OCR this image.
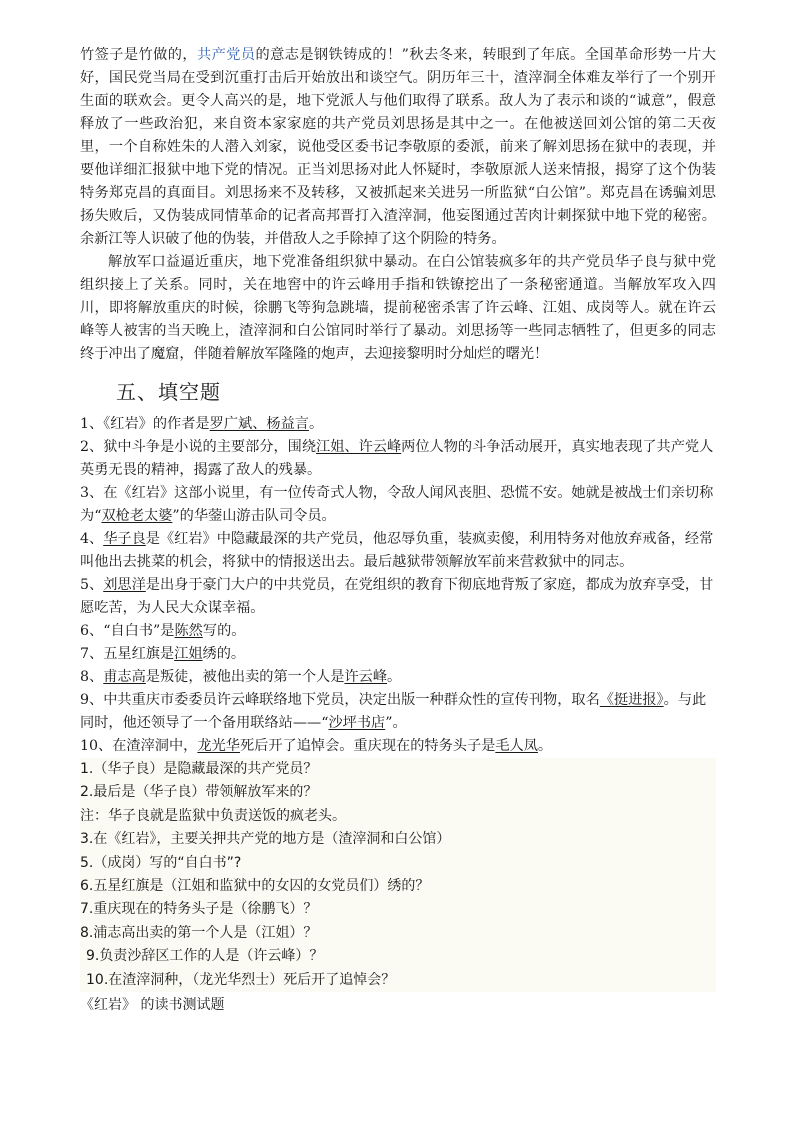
竹签子是竹做的，共产党员的意志是钢铁铸成的！”秋去冬来，转眼到了年底。全国革命形势一片大好，国民党当局在受到沉重打击后开始放出和谈空气。阴历年三十，渣滓洞全体难友举行了一个别开生面的联欢会。更令人高兴的是，地下党派人与他们取得了联系。敌人为了表示和谈的“诚意”，假意释放了一些政治犯，来自资本家家庭的共产党员刘思扬是其中之一。在他被送回刘公馆的第二天夜里，一个自称姓朱的人潜入刘家，说他受区委书记李敬原的委派，前来了解刘思扬在狱中的表现，并要他详细汇报狱中地下党的情况。正当刘思扬对此人怀疑时，李敬原派人送来情报，揭穿了这个伪装特务郑克昌的真面目。刘思扬来不及转移，又被抓起来关进另一所监狱“白公馆”。郑克昌在诱骗刘思扬失败后，又伪装成同情革命的记者高邦晋打入渣滓洞，他妄图通过苦肉计刺探狱中地下党的秘密。余新江等人识破了他的伪装，并借敌人之手除掉了这个阴险的特务。

解放军口益逼近重庆，地下党准备组织狱中暴动。在白公馆装疯多年的共产党员华子良与狱中党组织接上了关系。同时，关在地窖中的许云峰用手指和铁镣挖出了一条秘密通道。当解放军攻入四川，即将解放重庆的时候，徐鹏飞等狗急跳墙，提前秘密杀害了许云峰、江姐、成岗等人。就在许云峰等人被害的当天晚上，渣滓洞和白公馆同时举行了暴动。刘思扬等一些同志牺牲了，但更多的同志终于冲出了魔窟，伴随着解放军隆隆的炮声，去迎接黎明时分灿烂的曙光！

五、填空题

1、《红岩》的作者是罗广斌、杨益言。

2、狱中斗争是小说的主要部分，围绕江姐、许云峰两位人物的斗争活动展开，真实地表现了共产党人英勇无畏的精神，揭露了敌人的残暴。

3、在《红岩》这部小说里，有一位传奇式人物，令敌人闻风丧胆、恐慌不安。她就是被战士们亲切称为“双枪老太婆”的华蓥山游击队司令员。

4、华子良是《红岩》中隐藏最深的共产党员，他忍辱负重，装疯卖傻，利用特务对他放弃戒备，经常叫他出去挑菜的机会，将狱中的情报送出去。最后越狱带领解放军前来营救狱中的同志。

5、刘思洋是出身于豪门大户的中共党员，在党组织的教育下彻底地背叛了家庭，都成为放弃享受，甘愿吃苦，为人民大众谋幸福。

6、“自白书”是陈然写的。

7、五星红旗是江姐绣的。

8、甫志高是叛徒，被他出卖的第一个人是许云峰。

9、中共重庆市委委员许云峰联络地下党员，决定出版一种群众性的宣传刊物，取名《挺进报》。与此同时，他还领导了一个备用联络站——“沙坪书店”。

10、在渣滓洞中，龙光华死后开了追悼会。重庆现在的特务头子是毛人凤。

1.（华子良）是隐藏最深的共产党员？

2.最后是（华子良）带领解放军来的？

注：华子良就是监狱中负责送饭的疯老头。

3.在《红岩》，主要关押共产党的地方是（渣滓洞和白公馆）

5.（成岗）写的“自白书”?

6.五星红旗是（江姐和监狱中的女囚的女党员们）绣的？

7.重庆现在的特务头子是（徐鹏飞）？

8.浦志高出卖的第一个人是（江姐）？

9.负责沙辞区工作的人是（许云峰）？

10.在渣滓洞种，（龙光华烈士）死后开了追悼会？

《红岩》 的读书测试题
